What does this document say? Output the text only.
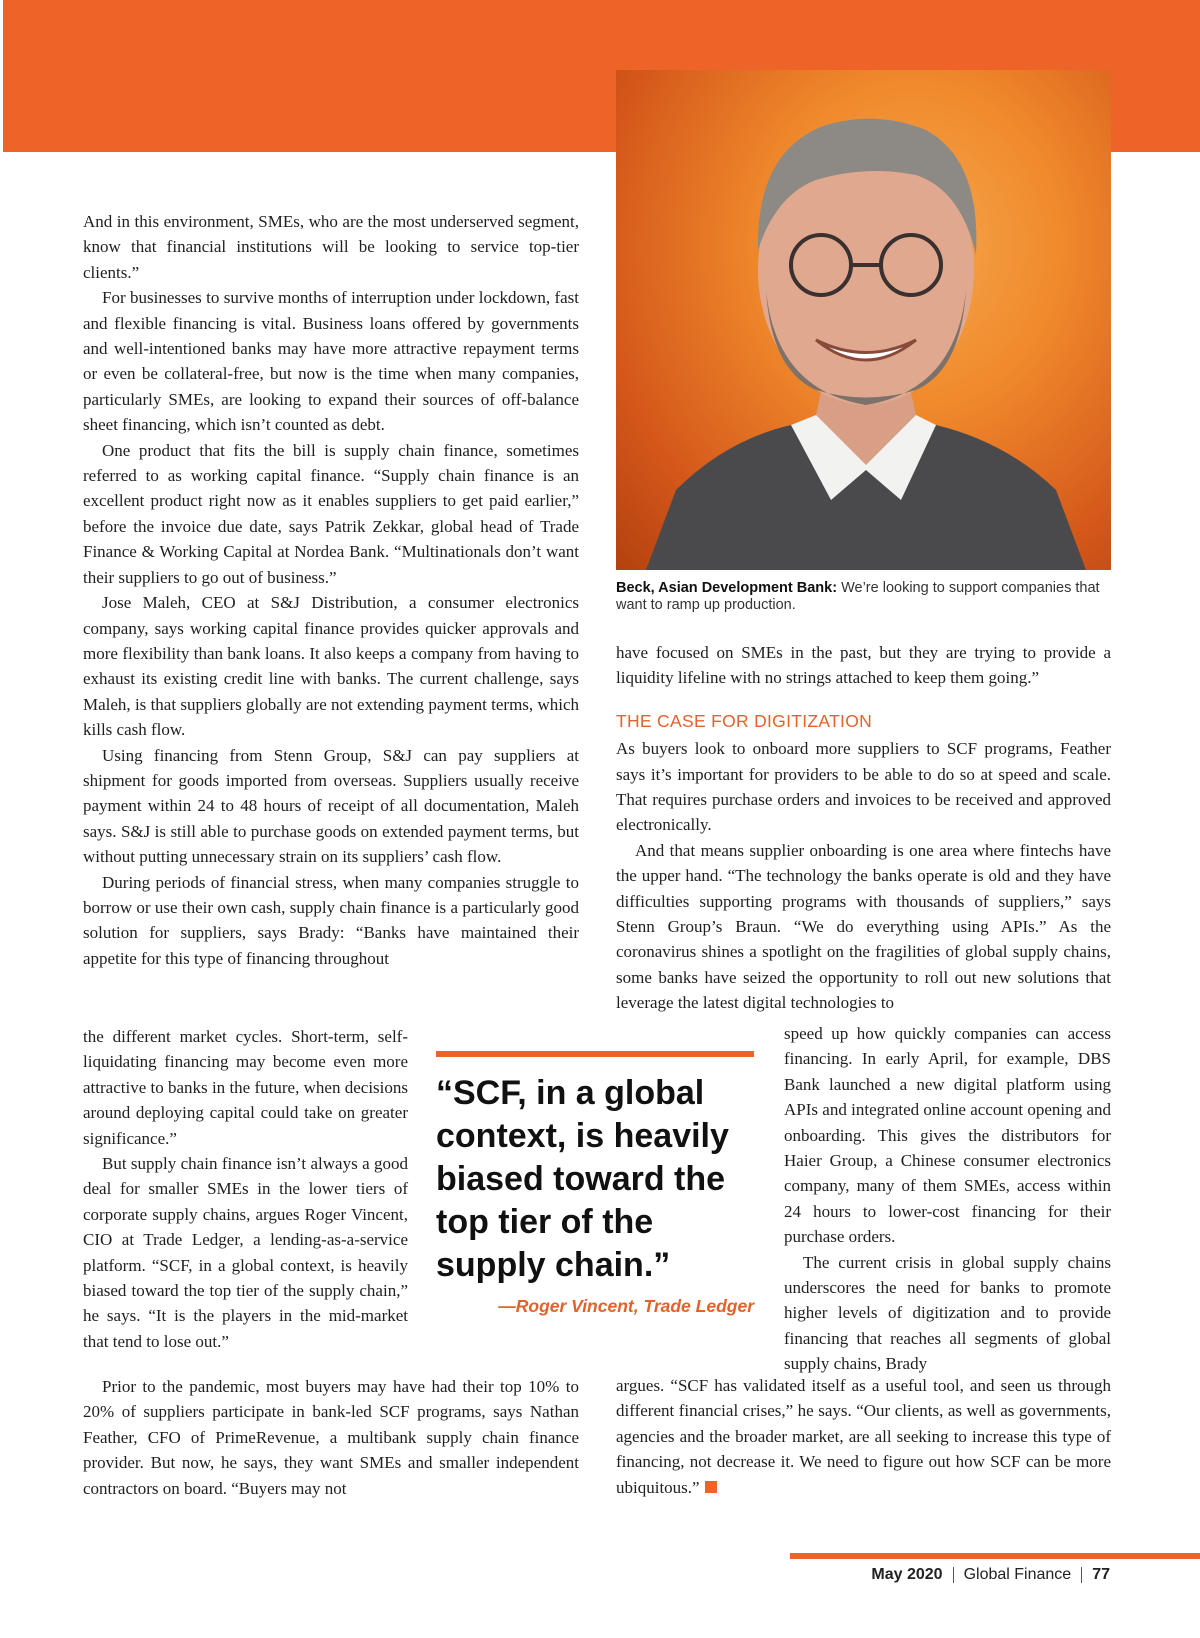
Beck, Asian Development Bank: We’re looking to support companies that want to ramp up production.

And in this environment, SMEs, who are the most underserved segment, know that financial institutions will be looking to service top-tier clients.”

For businesses to survive months of interruption under lockdown, fast and flexible financing is vital. Business loans offered by governments and well-intentioned banks may have more attractive repayment terms or even be collateral-free, but now is the time when many companies, particularly SMEs, are looking to expand their sources of off-balance sheet financing, which isn’t counted as debt.

One product that fits the bill is supply chain finance, sometimes referred to as working capital finance. “Supply chain finance is an excellent product right now as it enables suppliers to get paid earlier,” before the invoice due date, says Patrik Zekkar, global head of Trade Finance & Working Capital at Nordea Bank. “Multinationals don’t want their suppliers to go out of business.”

Jose Maleh, CEO at S&J Distribution, a consumer electronics company, says working capital finance provides quicker approvals and more flexibility than bank loans. It also keeps a company from having to exhaust its existing credit line with banks. The current challenge, says Maleh, is that suppliers globally are not extending payment terms, which kills cash flow.

Using financing from Stenn Group, S&J can pay suppliers at shipment for goods imported from overseas. Suppliers usually receive payment within 24 to 48 hours of receipt of all documentation, Maleh says. S&J is still able to purchase goods on extended payment terms, but without putting unnecessary strain on its suppliers’ cash flow.

During periods of financial stress, when many companies struggle to borrow or use their own cash, supply chain finance is a particularly good solution for suppliers, says Brady: “Banks have maintained their appetite for this type of financing throughout

the different market cycles. Short-term, self-liquidating financing may become even more attractive to banks in the future, when decisions around deploying capital could take on greater significance.”

But supply chain finance isn’t always a good deal for smaller SMEs in the lower tiers of corporate supply chains, argues Roger Vincent, CIO at Trade Ledger, a lending-as-a-service platform. “SCF, in a global context, is heavily biased toward the top tier of the supply chain,” he says. “It is the players in the mid-market that tend to lose out.”

Prior to the pandemic, most buyers may have had their top 10% to 20% of suppliers participate in bank-led SCF programs, says Nathan Feather, CFO of PrimeRevenue, a multibank supply chain finance provider. But now, he says, they want SMEs and smaller independent contractors on board. “Buyers may not

have focused on SMEs in the past, but they are trying to provide a liquidity lifeline with no strings attached to keep them going.”

THE CASE FOR DIGITIZATION

As buyers look to onboard more suppliers to SCF programs, Feather says it’s important for providers to be able to do so at speed and scale. That requires purchase orders and invoices to be received and approved electronically.

And that means supplier onboarding is one area where fintechs have the upper hand. “The technology the banks operate is old and they have difficulties supporting programs with thousands of suppliers,” says Stenn Group’s Braun. “We do everything using APIs.” As the coronavirus shines a spotlight on the fragilities of global supply chains, some banks have seized the opportunity to roll out new solutions that leverage the latest digital technologies to

“SCF, in a global context, is heavily biased toward the top tier of the supply chain.”
—Roger Vincent, Trade Ledger

speed up how quickly companies can access financing. In early April, for example, DBS Bank launched a new digital platform using APIs and integrated online account opening and onboarding. This gives the distributors for Haier Group, a Chinese consumer electronics company, many of them SMEs, access within 24 hours to lower-cost financing for their purchase orders.

The current crisis in global supply chains underscores the need for banks to promote higher levels of digitization and to provide financing that reaches all segments of global supply chains, Brady

argues. “SCF has validated itself as a useful tool, and seen us through different financial crises,” he says. “Our clients, as well as governments, agencies and the broader market, are all seeking to increase this type of financing, not decrease it. We need to figure out how SCF can be more ubiquitous.”

May 2020 Global Finance 77
